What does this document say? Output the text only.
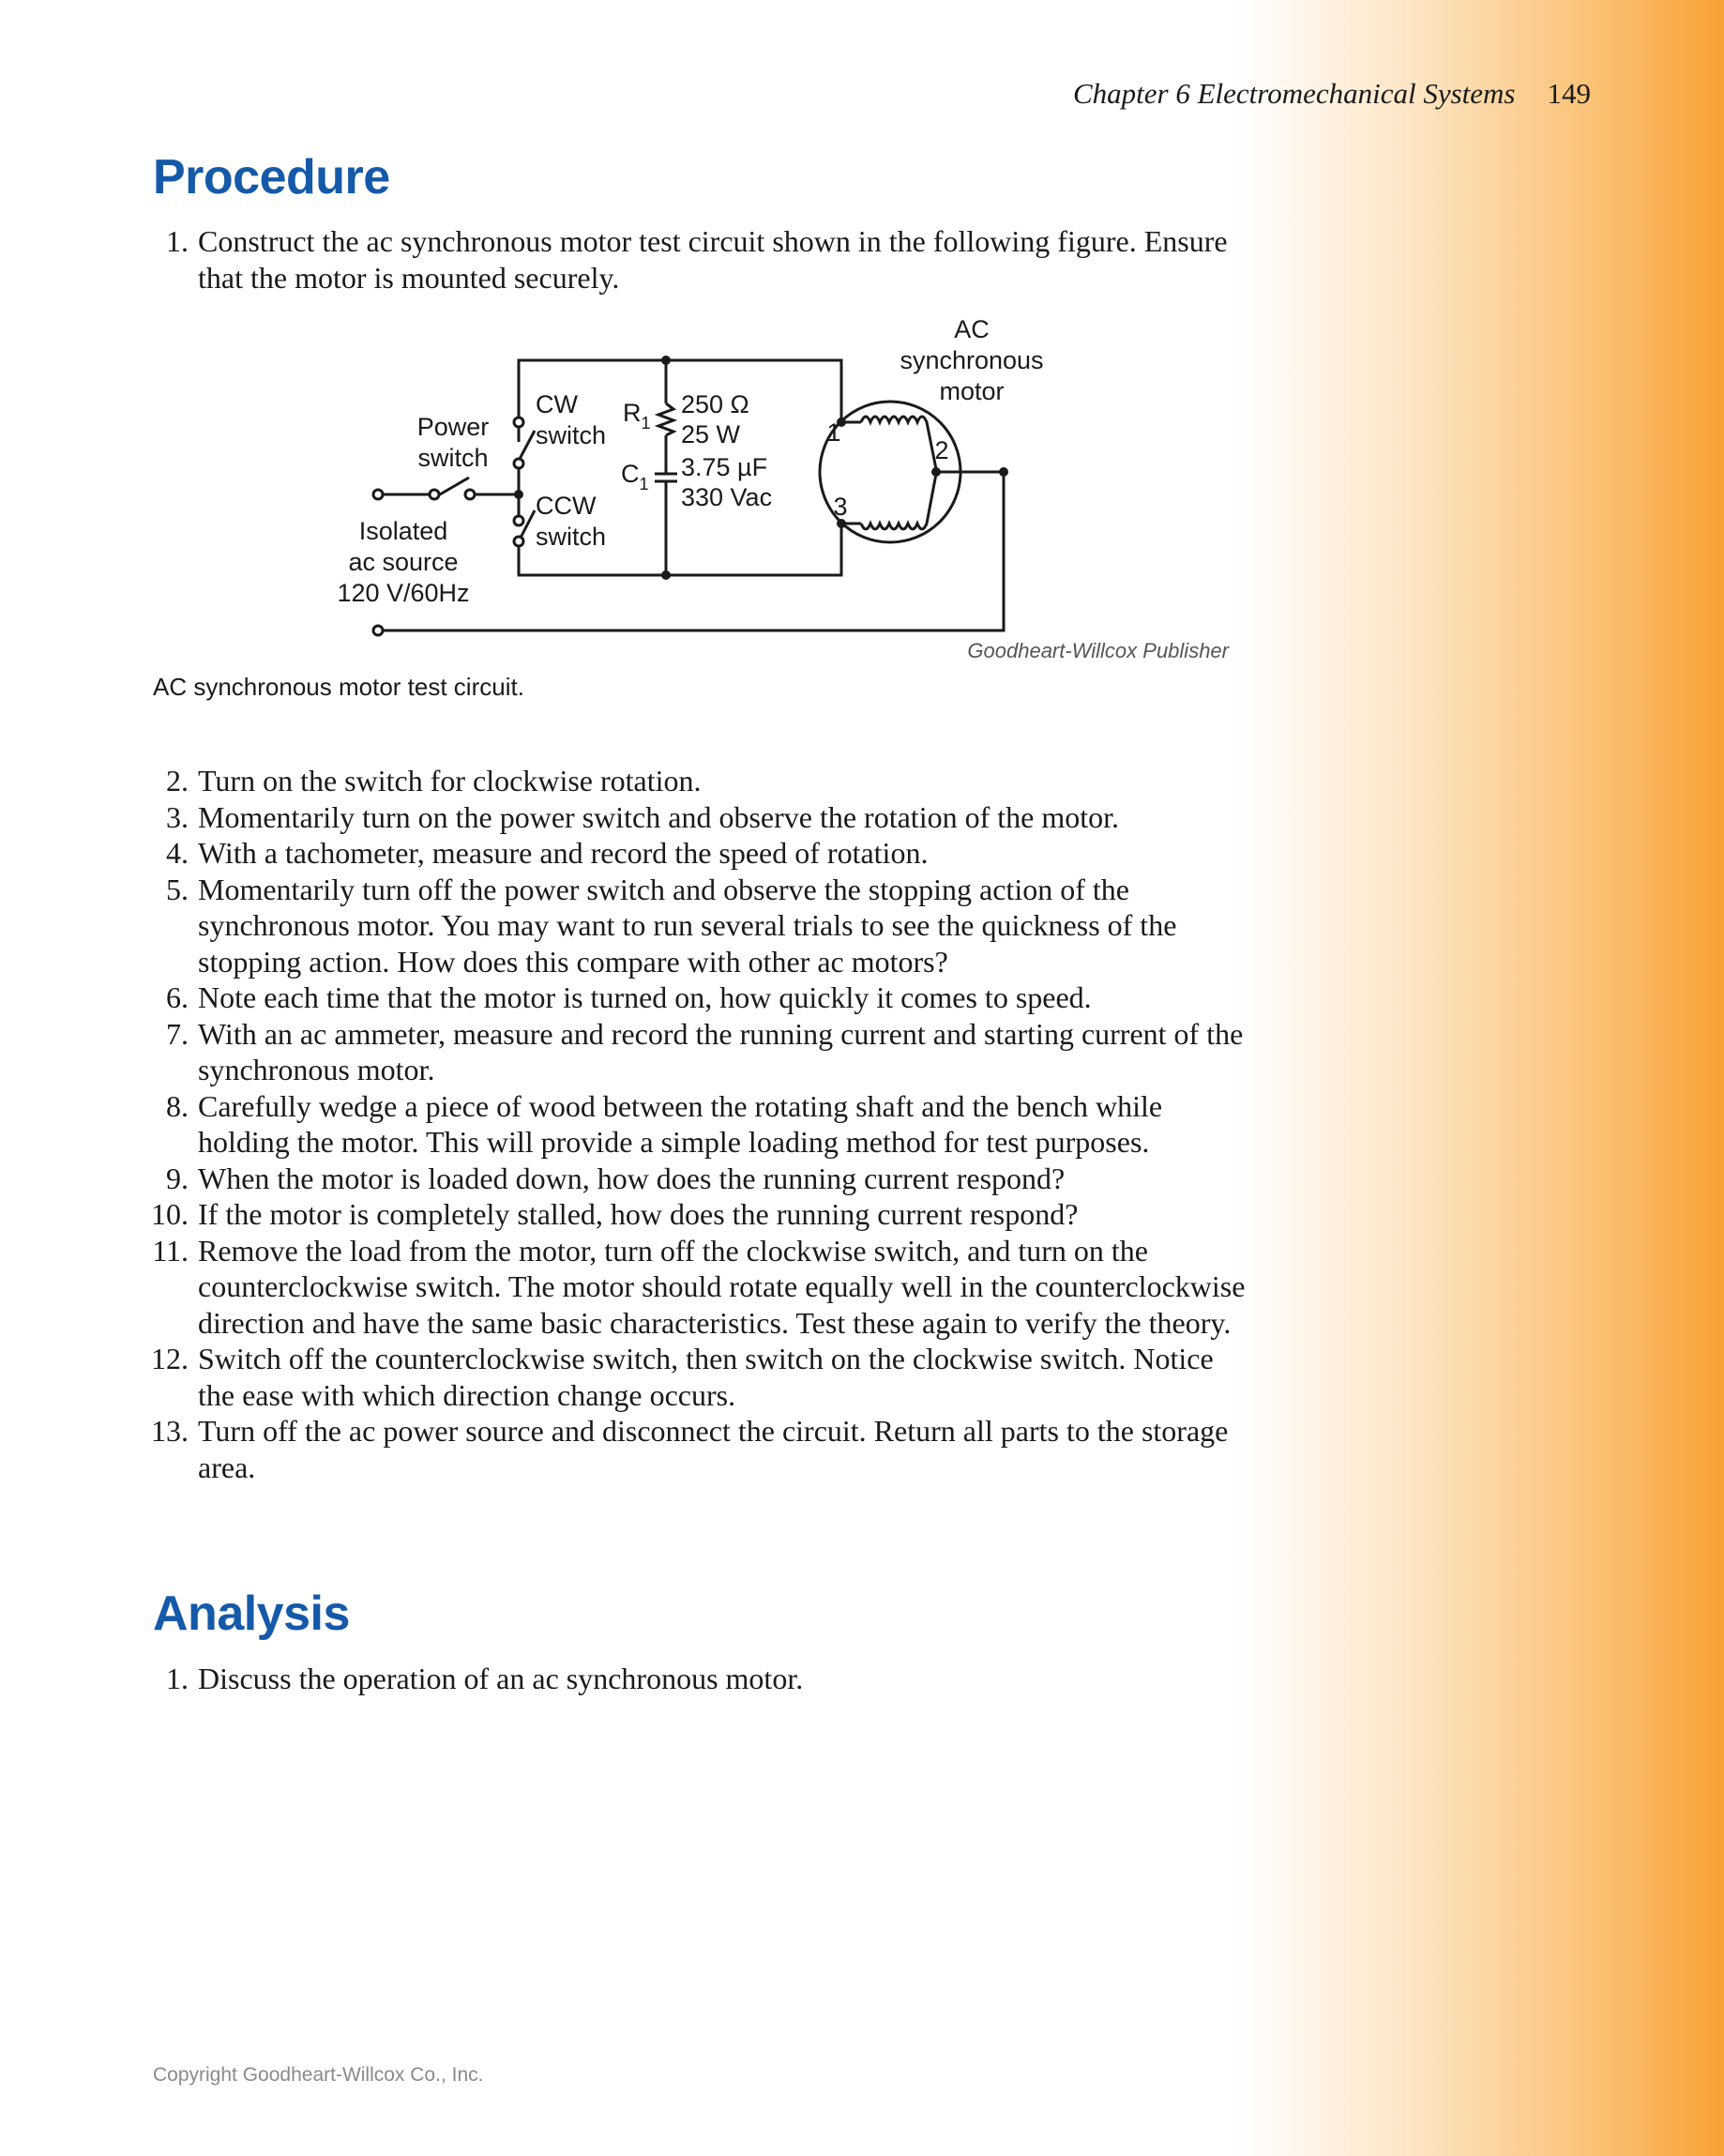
Chapter 6 Electromechanical Systems 149
Procedure
1. Construct the ac synchronous motor test circuit shown in the following figure. Ensure that the motor is mounted securely.
AC
synchronous
motor
Power
switch
Isolated
ac source
120 V/60Hz
CW
switch
CCW
switch
$R_1$
$C_1$
250 Ω
25 W
3.75 µF
330 Vac
1
2
3
Goodheart-Willcox Publisher
AC synchronous motor test circuit.
2. Turn on the switch for clockwise rotation.
3. Momentarily turn on the power switch and observe the rotation of the motor.
4. With a tachometer, measure and record the speed of rotation.
5. Momentarily turn off the power switch and observe the stopping action of the synchronous motor. You may want to run several trials to see the quickness of the stopping action. How does this compare with other ac motors?
6. Note each time that the motor is turned on, how quickly it comes to speed.
7. With an ac ammeter, measure and record the running current and starting current of the synchronous motor.
8. Carefully wedge a piece of wood between the rotating shaft and the bench while holding the motor. This will provide a simple loading method for test purposes.
9. When the motor is loaded down, how does the running current respond?
10. If the motor is completely stalled, how does the running current respond?
11. Remove the load from the motor, turn off the clockwise switch, and turn on the counterclockwise switch. The motor should rotate equally well in the counterclockwise direction and have the same basic characteristics. Test these again to verify the theory.
12. Switch off the counterclockwise switch, then switch on the clockwise switch. Notice the ease with which direction change occurs.
13. Turn off the ac power source and disconnect the circuit. Return all parts to the storage area.
Analysis
1. Discuss the operation of an ac synchronous motor.
Copyright Goodheart-Willcox Co., Inc.
